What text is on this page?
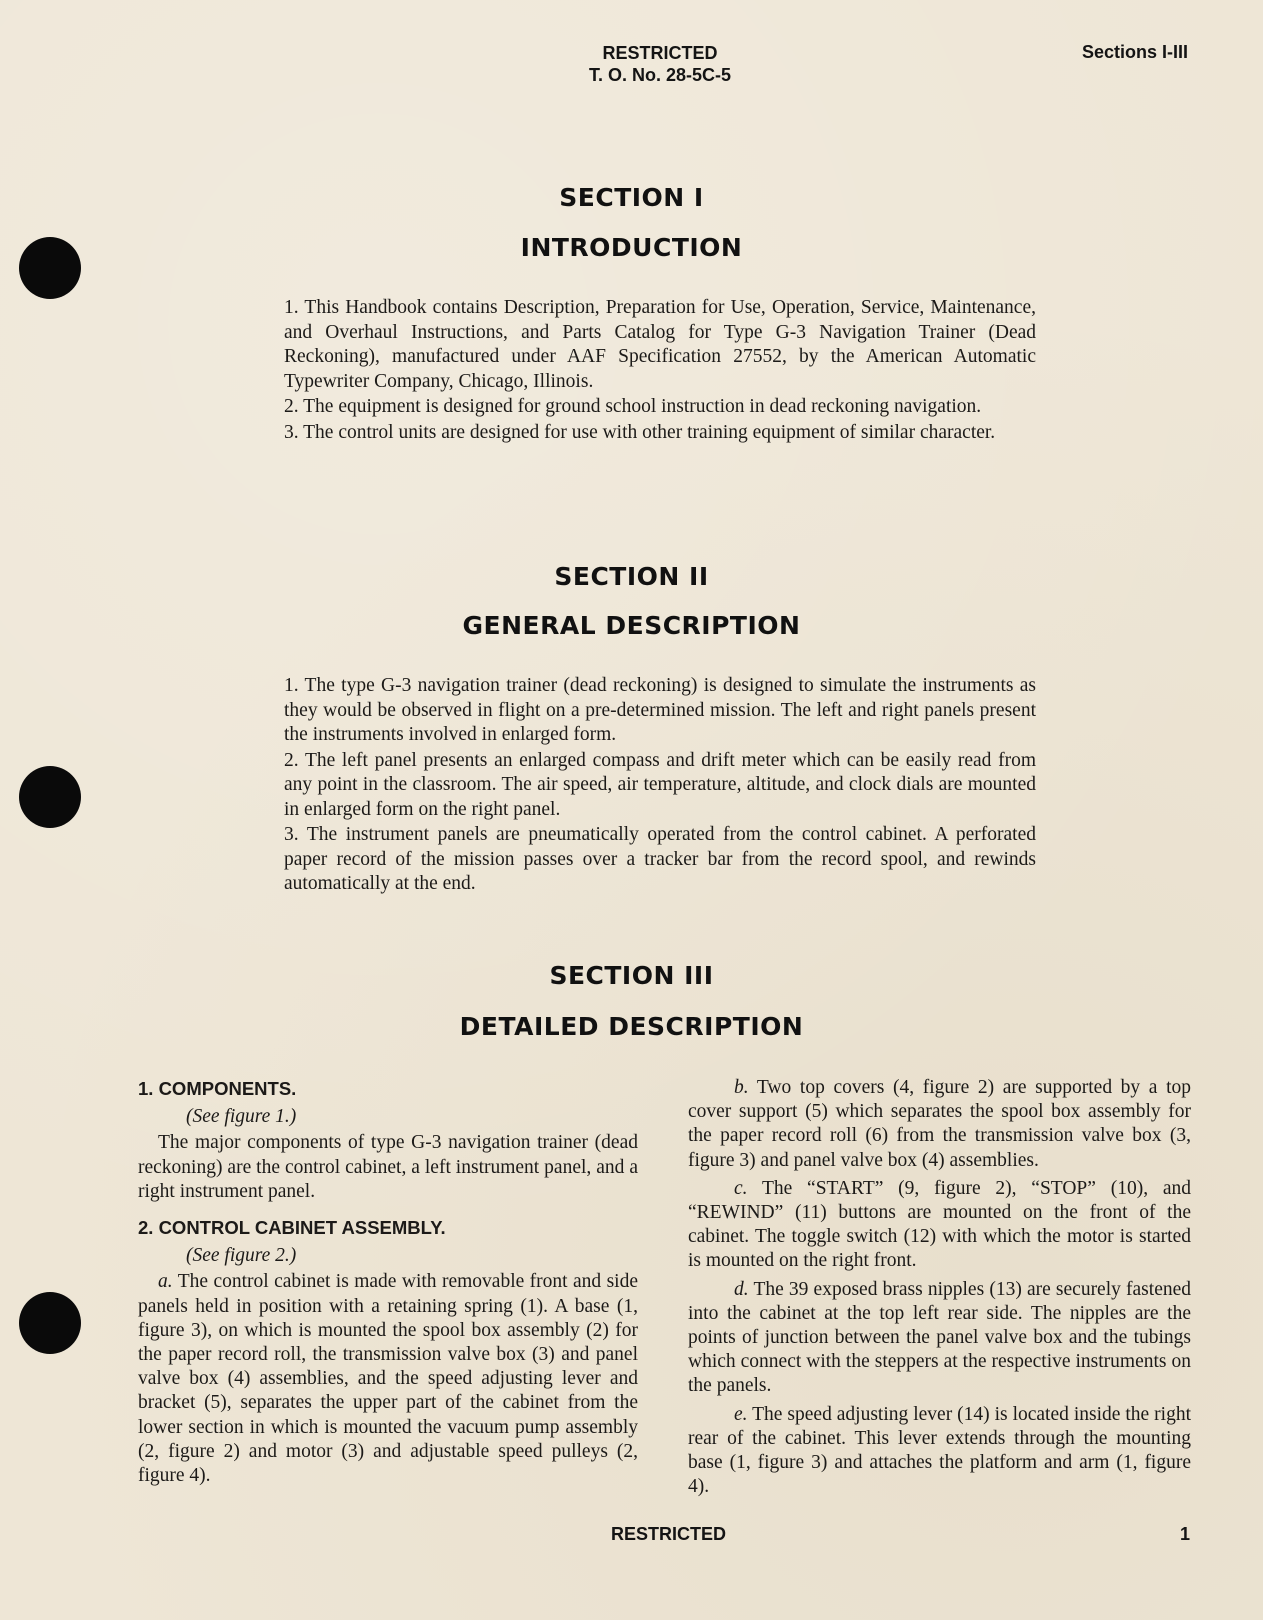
RESTRICTED
T. O. No. 28-5C-5
Sections I-III
SECTION I
INTRODUCTION

1. This Handbook contains Description, Preparation for Use, Operation, Service, Maintenance, and Overhaul Instructions, and Parts Catalog for Type G-3 Navigation Trainer (Dead Reckoning), manufactured under AAF Specification 27552, by the American Automatic Typewriter Company, Chicago, Illinois.

2. The equipment is designed for ground school instruction in dead reckoning navigation.

3. The control units are designed for use with other training equipment of similar character.

SECTION II
GENERAL DESCRIPTION

1. The type G-3 navigation trainer (dead reckoning) is designed to simulate the instruments as they would be observed in flight on a pre-determined mission. The left and right panels present the instruments involved in enlarged form.

2. The left panel presents an enlarged compass and drift meter which can be easily read from any point in the classroom. The air speed, air temperature, altitude, and clock dials are mounted in enlarged form on the right panel.

3. The instrument panels are pneumatically operated from the control cabinet. A perforated paper record of the mission passes over a tracker bar from the record spool, and rewinds automatically at the end.

SECTION III
DETAILED DESCRIPTION

1. COMPONENTS.

(See figure 1.)

The major components of type G-3 navigation trainer (dead reckoning) are the control cabinet, a left instrument panel, and a right instrument panel.

2. CONTROL CABINET ASSEMBLY.

(See figure 2.)

a. The control cabinet is made with removable front and side panels held in position with a retaining spring (1). A base (1, figure 3), on which is mounted the spool box assembly (2) for the paper record roll, the transmission valve box (3) and panel valve box (4) assemblies, and the speed adjusting lever and bracket (5), separates the upper part of the cabinet from the lower section in which is mounted the vacuum pump assembly (2, figure 2) and motor (3) and adjustable speed pulleys (2, figure 4).

b. Two top covers (4, figure 2) are supported by a top cover support (5) which separates the spool box assembly for the paper record roll (6) from the transmission valve box (3, figure 3) and panel valve box (4) assemblies.

c. The “START” (9, figure 2), “STOP” (10), and “REWIND” (11) buttons are mounted on the front of the cabinet. The toggle switch (12) with which the motor is started is mounted on the right front.

d. The 39 exposed brass nipples (13) are securely fastened into the cabinet at the top left rear side. The nipples are the points of junction between the panel valve box and the tubings which connect with the steppers at the respective instruments on the panels.

e. The speed adjusting lever (14) is located inside the right rear of the cabinet. This lever extends through the mounting base (1, figure 3) and attaches the platform and arm (1, figure 4).

RESTRICTED	1
